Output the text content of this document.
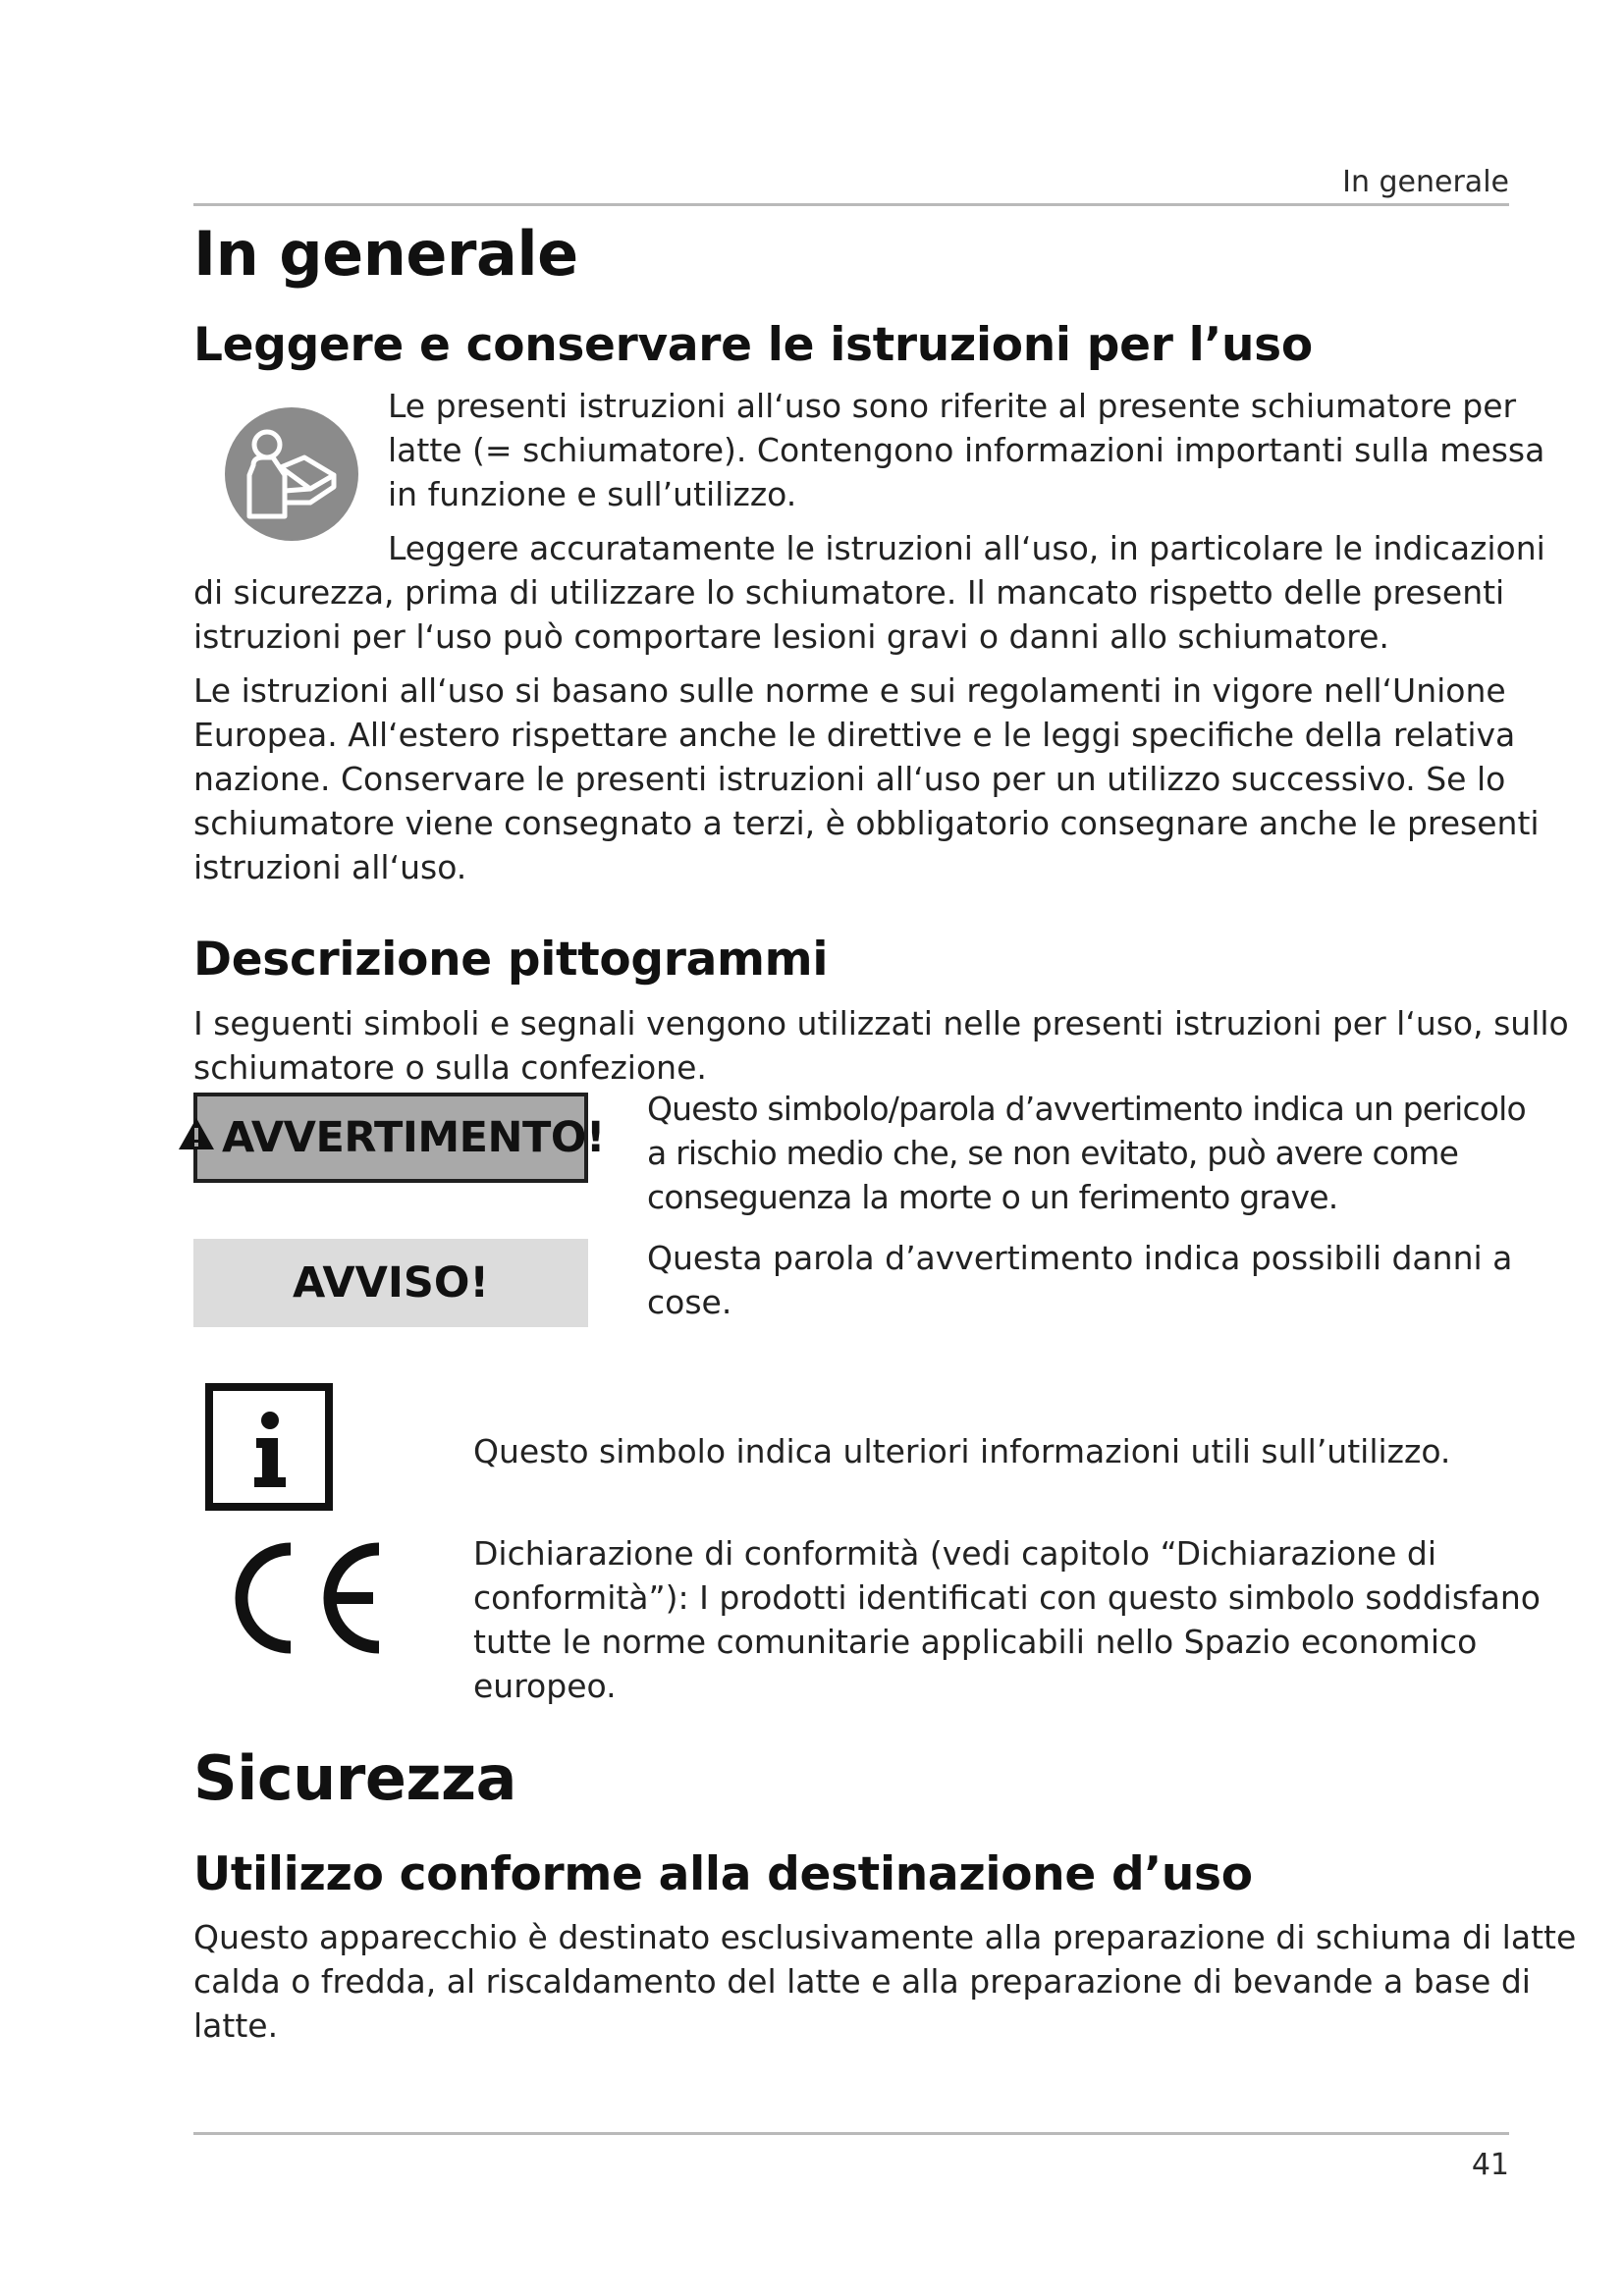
In generale
In generale
Leggere e conservare le istruzioni per l’uso

Le presenti istruzioni all‘uso sono riferite al presente schiumatore per

latte (= schiumatore). Contengono informazioni importanti sulla messa

in funzione e sull’utilizzo.

Leggere accuratamente le istruzioni all‘uso, in particolare le indicazioni

di sicurezza, prima di utilizzare lo schiumatore. Il mancato rispetto delle presenti

istruzioni per l‘uso può comportare lesioni gravi o danni allo schiumatore.

Le istruzioni all‘uso si basano sulle norme e sui regolamenti in vigore nell‘Unione

Europea. All‘estero rispettare anche le direttive e le leggi specifiche della relativa

nazione. Conservare le presenti istruzioni all‘uso per un utilizzo successivo. Se lo

schiumatore viene consegnato a terzi, è obbligatorio consegnare anche le presenti

istruzioni all‘uso.

Descrizione pittogrammi

I seguenti simboli e segnali vengono utilizzati nelle presenti istruzioni per l‘uso, sullo

schiumatore o sulla confezione.

AVVERTIMENTO!

Questo simbolo/parola d’avvertimento indica un pericolo

a rischio medio che, se non evitato, può avere come

conseguenza la morte o un ferimento grave.

AVVISO!

Questa parola d’avvertimento indica possibili danni a

cose.

Questo simbolo indica ulteriori informazioni utili sull’utilizzo.

Dichiarazione di conformità (vedi capitolo “Dichiarazione di

conformità”): I prodotti identificati con questo simbolo soddisfano

tutte le norme comunitarie applicabili nello Spazio economico

europeo.

Sicurezza
Utilizzo conforme alla destinazione d’uso

Questo apparecchio è destinato esclusivamente alla preparazione di schiuma di latte

calda o fredda, al riscaldamento del latte e alla preparazione di bevande a base di

latte.

41
